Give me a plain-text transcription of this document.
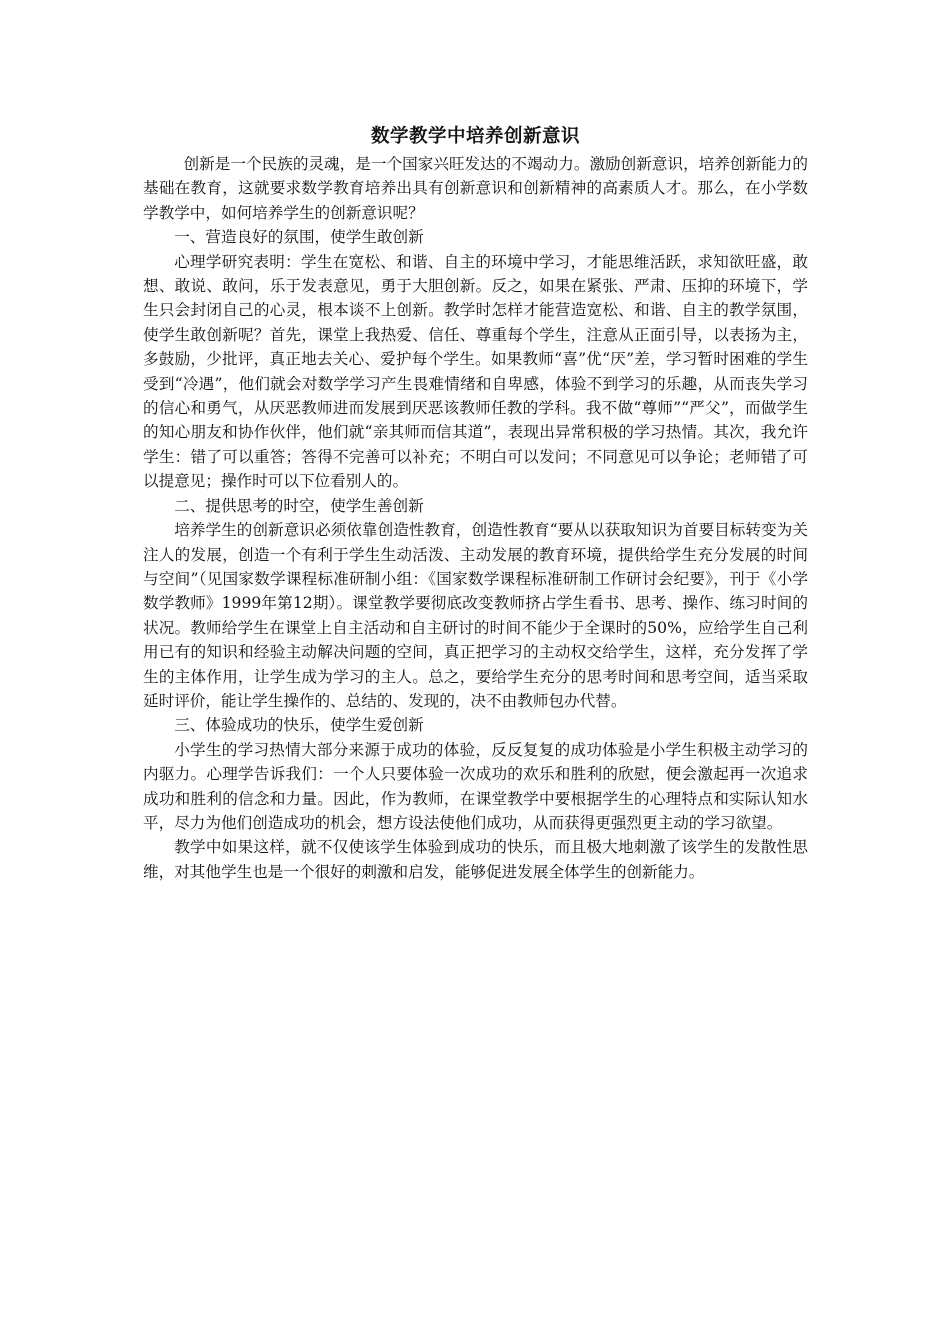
数学教学中培养创新意识

创新是一个民族的灵魂，是一个国家兴旺发达的不竭动力。激励创新意识，培养创新能力的基础在教育，这就要求数学教育培养出具有创新意识和创新精神的高素质人才。那么，在小学数学教学中，如何培养学生的创新意识呢？

一、营造良好的氛围，使学生敢创新

心理学研究表明：学生在宽松、和谐、自主的环境中学习，才能思维活跃，求知欲旺盛，敢想、敢说、敢问，乐于发表意见，勇于大胆创新。反之，如果在紧张、严肃、压抑的环境下，学生只会封闭自己的心灵，根本谈不上创新。教学时怎样才能营造宽松、和谐、自主的教学氛围，使学生敢创新呢？首先，课堂上我热爱、信任、尊重每个学生，注意从正面引导，以表扬为主，多鼓励，少批评，真正地去关心、爱护每个学生。如果教师“喜”优“厌”差，学习暂时困难的学生受到“冷遇”，他们就会对数学学习产生畏难情绪和自卑感，体验不到学习的乐趣，从而丧失学习的信心和勇气，从厌恶教师进而发展到厌恶该教师任教的学科。我不做“尊师”“严父”，而做学生的知心朋友和协作伙伴，他们就“亲其师而信其道”，表现出异常积极的学习热情。其次，我允许学生：错了可以重答；答得不完善可以补充；不明白可以发问；不同意见可以争论；老师错了可以提意见；操作时可以下位看别人的。

二、提供思考的时空，使学生善创新

培养学生的创新意识必须依靠创造性教育，创造性教育“要从以获取知识为首要目标转变为关注人的发展，创造一个有利于学生生动活泼、主动发展的教育环境，提供给学生充分发展的时间与空间”（见国家数学课程标准研制小组：《国家数学课程标准研制工作研讨会纪要》，刊于《小学数学教师》1999年第12期）。课堂教学要彻底改变教师挤占学生看书、思考、操作、练习时间的状况。教师给学生在课堂上自主活动和自主研讨的时间不能少于全课时的50%，应给学生自己利用已有的知识和经验主动解决问题的空间，真正把学习的主动权交给学生，这样，充分发挥了学生的主体作用，让学生成为学习的主人。总之，要给学生充分的思考时间和思考空间，适当采取延时评价，能让学生操作的、总结的、发现的，决不由教师包办代替。

三、体验成功的快乐，使学生爱创新

小学生的学习热情大部分来源于成功的体验，反反复复的成功体验是小学生积极主动学习的内驱力。心理学告诉我们：一个人只要体验一次成功的欢乐和胜利的欣慰，便会激起再一次追求成功和胜利的信念和力量。因此，作为教师，在课堂教学中要根据学生的心理特点和实际认知水平，尽力为他们创造成功的机会，想方设法使他们成功，从而获得更强烈更主动的学习欲望。

教学中如果这样，就不仅使该学生体验到成功的快乐，而且极大地刺激了该学生的发散性思维，对其他学生也是一个很好的刺激和启发，能够促进发展全体学生的创新能力。
